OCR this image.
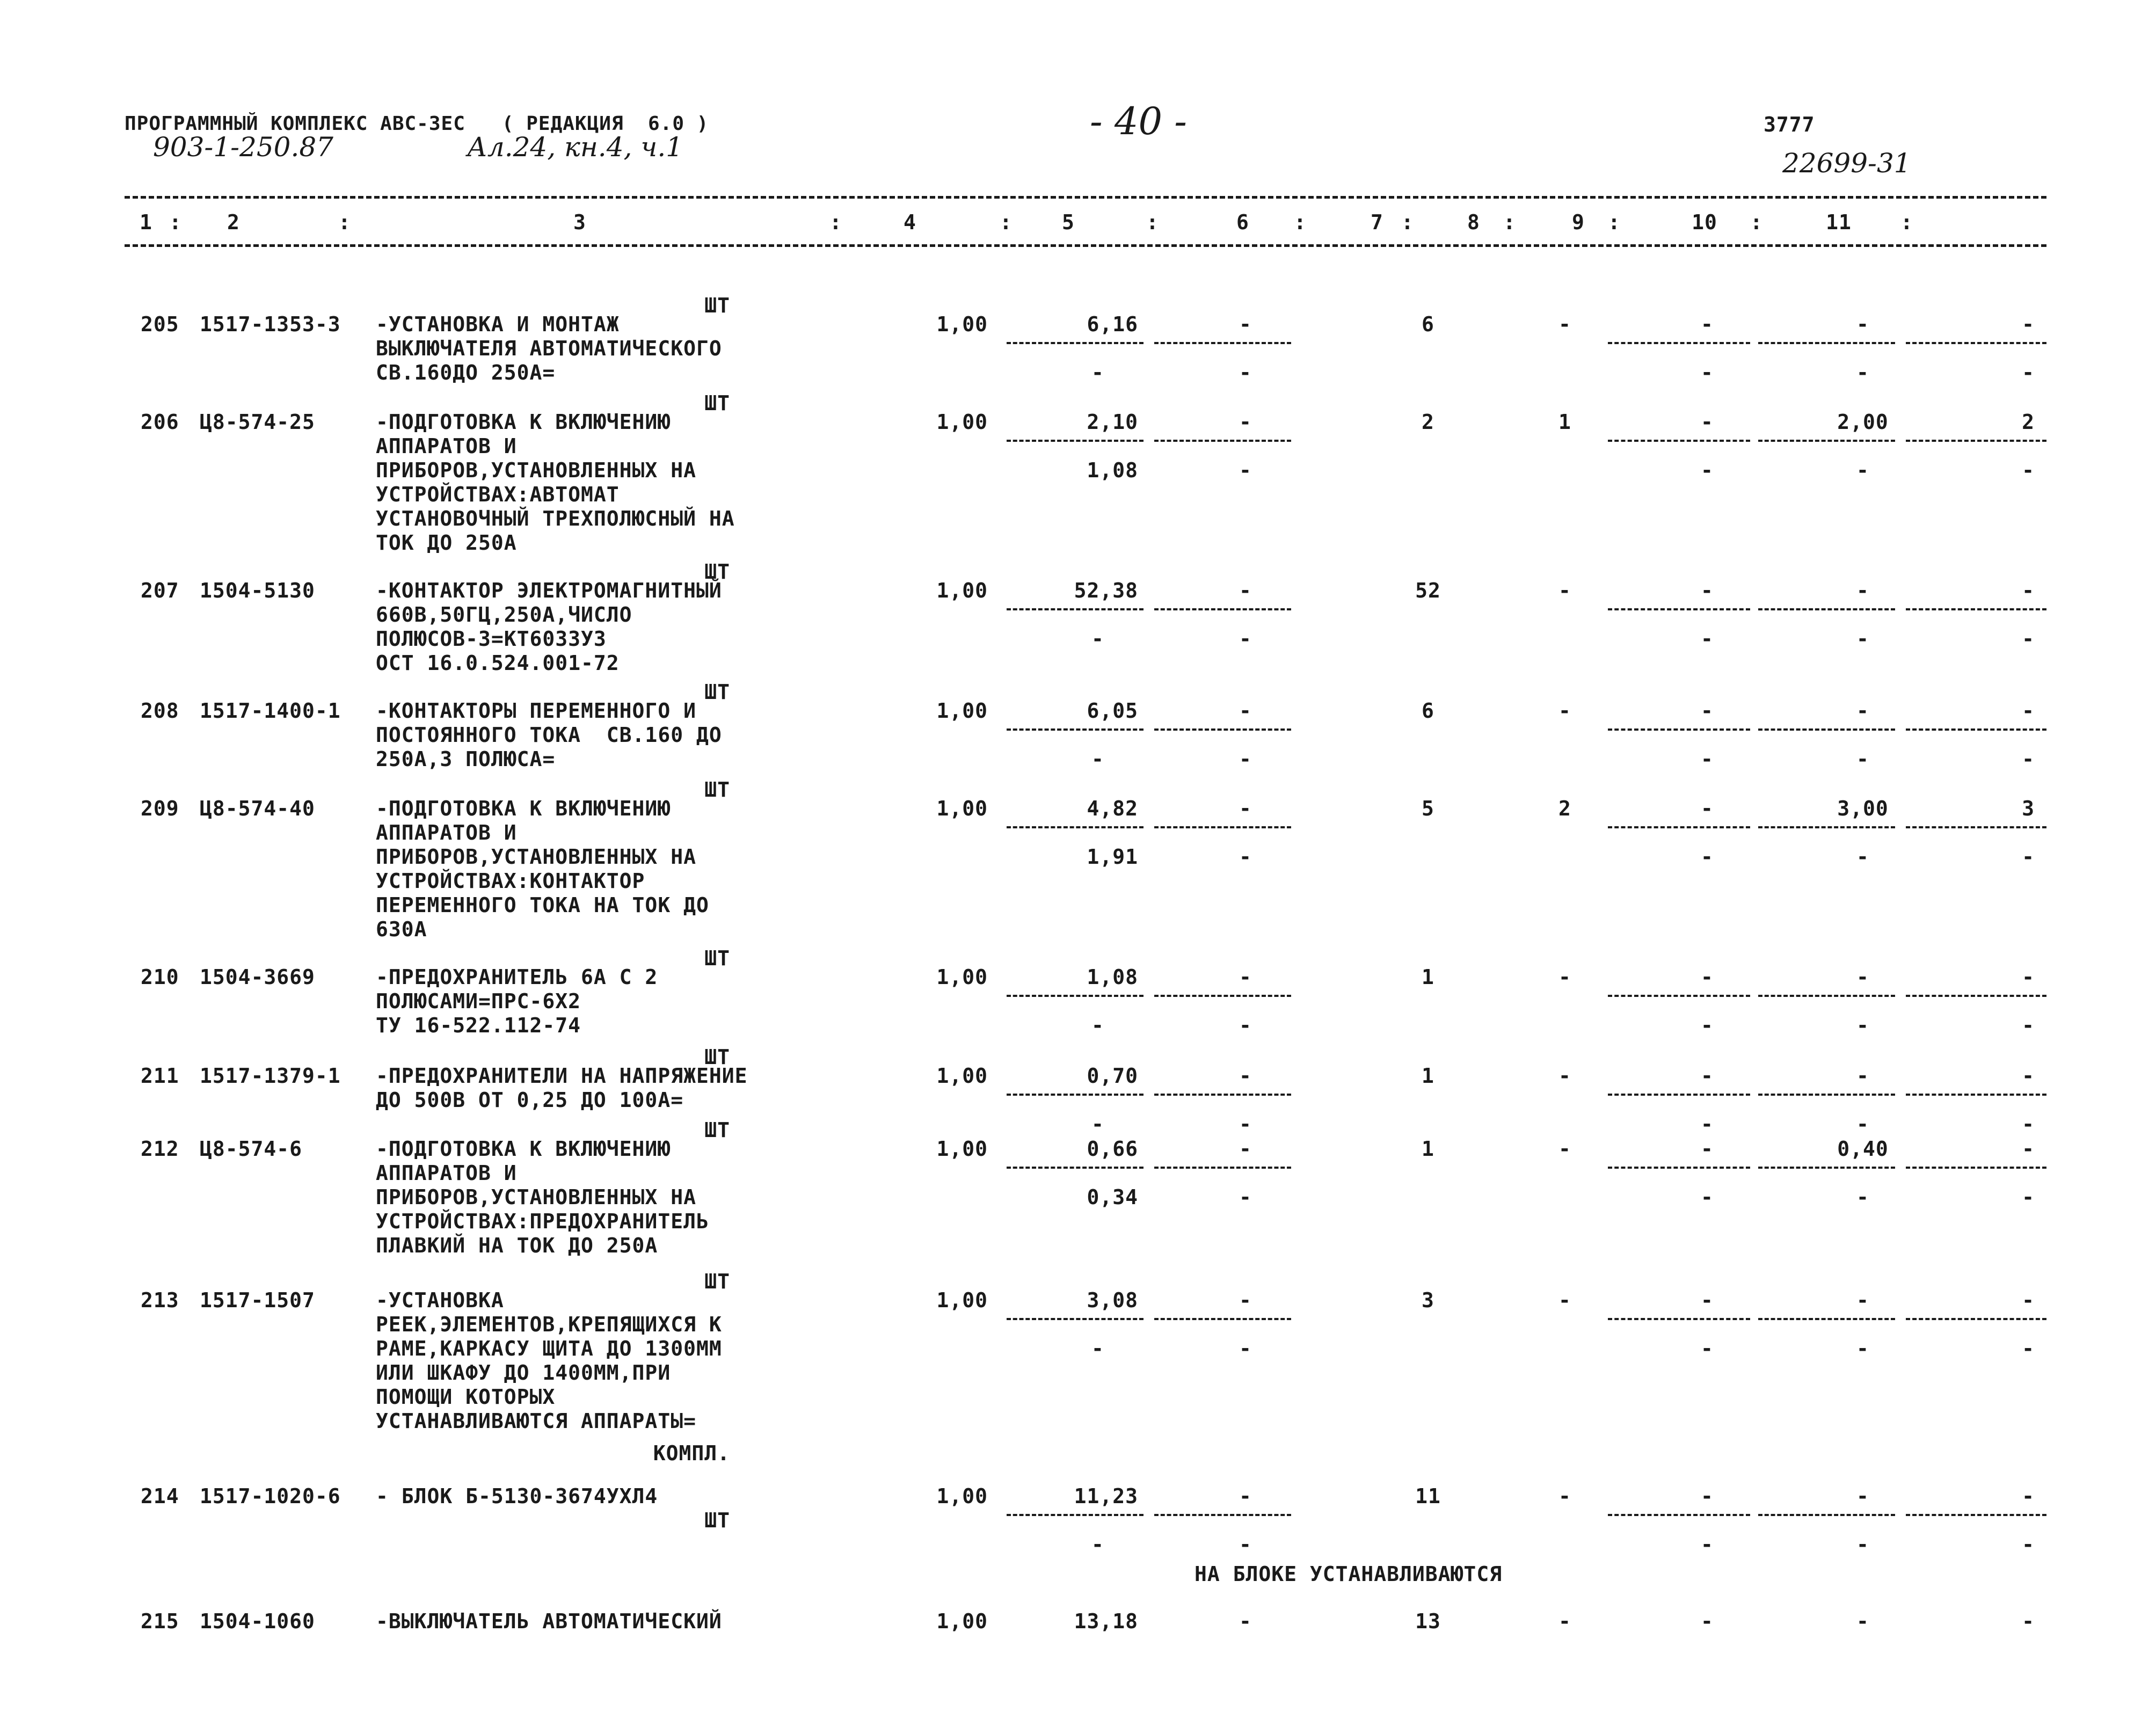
ПРОГРАММНЫЙ КОМПЛЕКС АВС-3ЕС   ( РЕДАКЦИЯ  6.0 )	- 40 -	3777
903-1-250.87	Ал.24, кн.4, ч.1
22699-31
1	2	3	4	5	6	7	8	9	10	11
:	:	:	:	:	:	:	:	:	:	:
ШТ
205 1517-1353-3 -УСТАНОВКА И МОНТАЖ
ВЫКЛЮЧАТЕЛЯ АВТОМАТИЧЕСКОГО
СВ.160ДО 250А=
1,00	6,16	-	6	-	-	-	-
-	-	-	-	-
ШТ
206 Ц8-574-25	-ПОДГОТОВКА К ВКЛЮЧЕНИЮ
АППАРАТОВ И
ПРИБОРОВ,УСТАНОВЛЕННЫХ НА
УСТРОЙСТВАХ:АВТОМАТ
УСТАНОВОЧНЫЙ ТРЕХПОЛЮСНЫЙ НА
ТОК ДО 250А
1,00	2,10	-	2	1	-	2,00	2
1,08	-	-	-	-
ШТ
207 1504-5130	-КОНТАКТОР ЭЛЕКТРОМАГНИТНЫЙ
660В,50ГЦ,250А,ЧИСЛО
ПОЛЮСОВ-3=КТ6033У3
ОСТ 16.0.524.001-72
1,00	52,38	-	52	-	-	-	-
-	-	-	-	-
ШТ
208 1517-1400-1 -КОНТАКТОРЫ ПЕРЕМЕННОГО И
ПОСТОЯННОГО ТОКА  СВ.160 ДО
250А,3 ПОЛЮСА=
1,00	6,05	-	6	-	-	-	-
-	-	-	-	-
ШТ
209 Ц8-574-40	-ПОДГОТОВКА К ВКЛЮЧЕНИЮ
АППАРАТОВ И
ПРИБОРОВ,УСТАНОВЛЕННЫХ НА
УСТРОЙСТВАХ:КОНТАКТОР
ПЕРЕМЕННОГО ТОКА НА ТОК ДО
630А
1,00	4,82	-	5	2	-	3,00	3
1,91	-	-	-	-
ШТ
210 1504-3669	-ПРЕДОХРАНИТЕЛЬ 6А С 2
ПОЛЮСАМИ=ПРС-6Х2
ТУ 16-522.112-74
1,00	1,08	-	1	-	-	-	-
-	-	-	-	-
ШТ
211 1517-1379-1 -ПРЕДОХРАНИТЕЛИ НА НАПРЯЖЕНИЕ
ДО 500В ОТ 0,25 ДО 100А=
1,00	0,70	-	1	-	-	-	-
-	-	-	-	-
ШТ
212 Ц8-574-6	-ПОДГОТОВКА К ВКЛЮЧЕНИЮ
АППАРАТОВ И
ПРИБОРОВ,УСТАНОВЛЕННЫХ НА
УСТРОЙСТВАХ:ПРЕДОХРАНИТЕЛЬ
ПЛАВКИЙ НА ТОК ДО 250А
1,00	0,66	-	1	-	-	0,40	-
0,34	-	-	-	-
ШТ
213 1517-1507	-УСТАНОВКА
РЕЕК,ЭЛЕМЕНТОВ,КРЕПЯЩИХСЯ К
РАМЕ,КАРКАСУ ЩИТА ДО 1300ММ
ИЛИ ШКАФУ ДО 1400ММ,ПРИ
ПОМОЩИ КОТОРЫХ
УСТАНАВЛИВАЮТСЯ АППАРАТЫ=
1,00	3,08	-	3	-	-	-	-
-	-	-	-	-
КОМПЛ.
214 1517-1020-6 - БЛОК Б-5130-3674УХЛ4	1,00	11,23	-	11	-	-	-	-
-	-	-	-	-
ШТ
НА БЛОКЕ УСТАНАВЛИВАЮТСЯ
215 1504-1060	-ВЫКЛЮЧАТЕЛЬ АВТОМАТИЧЕСКИЙ	1,00	13,18	-	13	-	-	-	-
